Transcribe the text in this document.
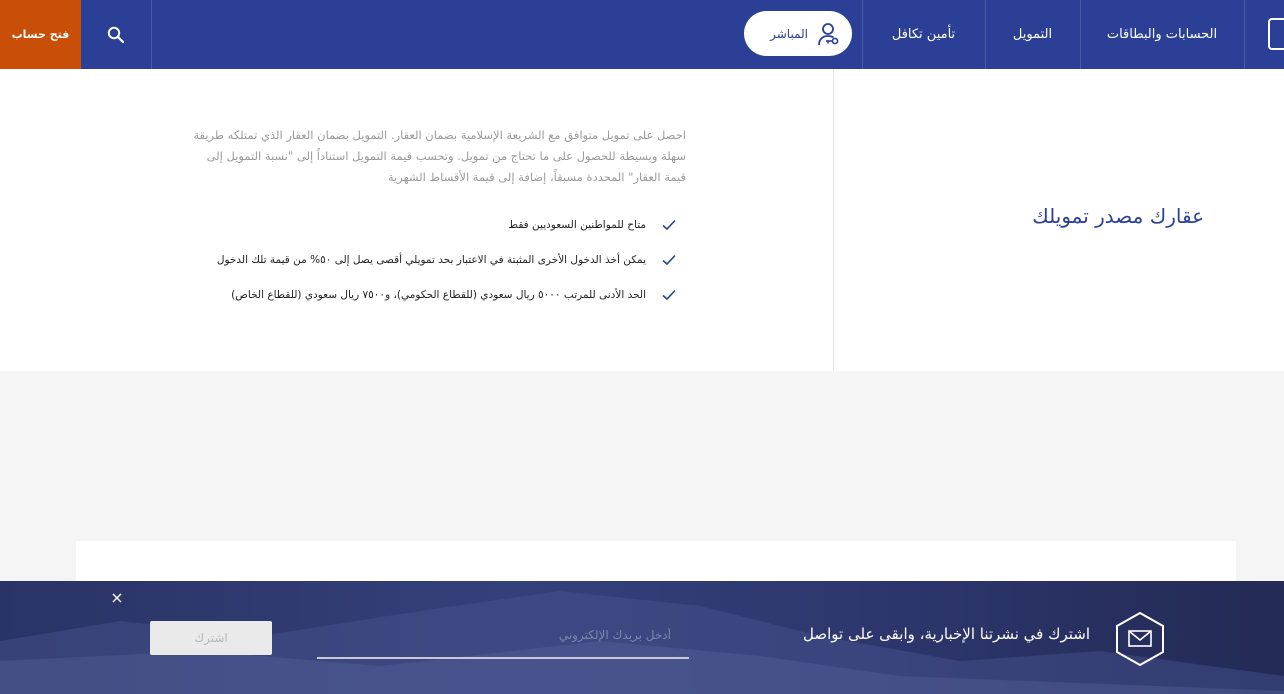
فتح حساب	المباشر	تأمين تكافل	التمويل	الحسابات والبطاقات
عقارك مصدر تمويلك

احصل على تمويل متوافق مع الشريعة الإسلامية بضمان العقار. التمويل بضمان العقار الذي تمتلكه طريقة سهلة وبسيطة للحصول على ما تحتاج من تمويل. وتحسب قيمة التمويل استناداً إلى "نسبة التمويل إلى قيمة العقار" المحددة مسبقاً، إضافة إلى قيمة الأقساط الشهرية

متاح للمواطنين السعوديين فقط
يمكن أخذ الدخول الأخرى المثبتة في الاعتبار بحد تمويلي أقصى يصل إلى ٥٠% من قيمة تلك الدخول
الحد الأدنى للمرتب ٥٠٠٠ ريال سعودي (للقطاع الحكومي)، و٧٥٠٠ ريال سعودي (للقطاع الخاص)
×
اشترك
أدخل بريدك الإلكتروني	اشترك في نشرتنا الإخبارية، وابقى على تواصل
